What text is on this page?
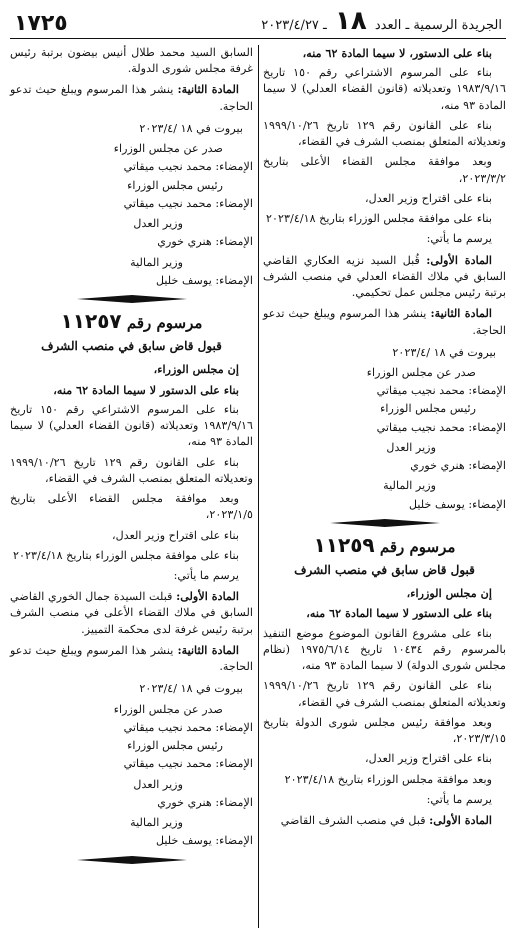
الجريدة الرسمية ـ العدد ١٨ ـ ٢٠٢٣/٤/٢٧
١٧٢٥

بناء على الدستور، لا سيما المادة ٦٢ منه،

بناء على المرسوم الاشتراعي رقم ١٥٠ تاريخ ١٩٨٣/٩/١٦ وتعديلاته (قانون القضاء العدلي) لا سيما المادة ٩٣ منه،

بناء على القانون رقم ١٢٩ تاريخ ١٩٩٩/١٠/٢٦ وتعديلاته المتعلق بمنصب الشرف في القضاء،

وبعد موافقة مجلس القضاء الأعلى بتاريخ ٢٠٢٣/٣/٢،

بناء على اقتراح وزير العدل،

بناء على موافقة مجلس الوزراء بتاريخ ٢٠٢٣/٤/١٨

يرسم ما يأتي:

المادة الأولى: قُبل السيد نزيه العكاري القاضي السابق في ملاك القضاء العدلي في منصب الشرف برتبة رئيس مجلس عمل تحكيمي.

المادة الثانية: ينشر هذا المرسوم ويبلغ حيث تدعو الحاجة.

بيروت في ١٨ /٢٠٢٣/٤

صدر عن مجلس الوزراء

الإمضاء: محمد نجيب ميقاتي

رئيس مجلس الوزراء

الإمضاء: محمد نجيب ميقاتي

وزير العدل

الإمضاء: هنري خوري

وزير المالية

الإمضاء: يوسف خليل

مرسوم رقم ١١٢٥٩
قبول قاض سابق في منصب الشرف

إن مجلس الوزراء،

بناء على الدستور لا سيما المادة ٦٢ منه،

بناء على مشروع القانون الموضوع موضع التنفيذ بالمرسوم رقم ١٠٤٣٤ تاريخ ١٩٧٥/٦/١٤ (نظام مجلس شورى الدولة) لا سيما المادة ٩٣ منه،

بناء على القانون رقم ١٢٩ تاريخ ١٩٩٩/١٠/٢٦ وتعديلاته المتعلق بمنصب الشرف في القضاء،

وبعد موافقة رئيس مجلس شورى الدولة بتاريخ ٢٠٢٣/٣/١٥،

بناء على اقتراح وزير العدل،

وبعد موافقة مجلس الوزراء بتاريخ ٢٠٢٣/٤/١٨

يرسم ما يأتي:

المادة الأولى: قبل في منصب الشرف القاضي

السابق السيد محمد طلال أنيس بيضون برتبة رئيس غرفة مجلس شورى الدولة.

المادة الثانية: ينشر هذا المرسوم ويبلغ حيث تدعو الحاجة.

بيروت في ١٨ /٢٠٢٣/٤

صدر عن مجلس الوزراء

الإمضاء: محمد نجيب ميقاتي

رئيس مجلس الوزراء

الإمضاء: محمد نجيب ميقاتي

وزير العدل

الإمضاء: هنري خوري

وزير المالية

الإمضاء: يوسف خليل

مرسوم رقم ١١٢٥٧
قبول قاض سابق في منصب الشرف

إن مجلس الوزراء،

بناء على الدستور لا سيما المادة ٦٢ منه،

بناء على المرسوم الاشتراعي رقم ١٥٠ تاريخ ١٩٨٣/٩/١٦ وتعديلاته (قانون القضاء العدلي) لا سيما المادة ٩٣ منه،

بناء على القانون رقم ١٢٩ تاريخ ١٩٩٩/١٠/٢٦ وتعديلاته المتعلق بمنصب الشرف في القضاء،

وبعد موافقة مجلس القضاء الأعلى بتاريخ ٢٠٢٣/١/٥،

بناء على اقتراح وزير العدل،

بناء على موافقة مجلس الوزراء بتاريخ ٢٠٢٣/٤/١٨

يرسم ما يأتي:

المادة الأولى: قبلت السيدة جمال الخوري القاضي السابق في ملاك القضاء الأعلى في منصب الشرف برتبة رئيس غرفة لدى محكمة التمييز.

المادة الثانية: ينشر هذا المرسوم ويبلغ حيث تدعو الحاجة.

بيروت في ١٨ /٢٠٢٣/٤

صدر عن مجلس الوزراء

الإمضاء: محمد نجيب ميقاتي

رئيس مجلس الوزراء

الإمضاء: محمد نجيب ميقاتي

وزير العدل

الإمضاء: هنري خوري

وزير المالية

الإمضاء: يوسف خليل
